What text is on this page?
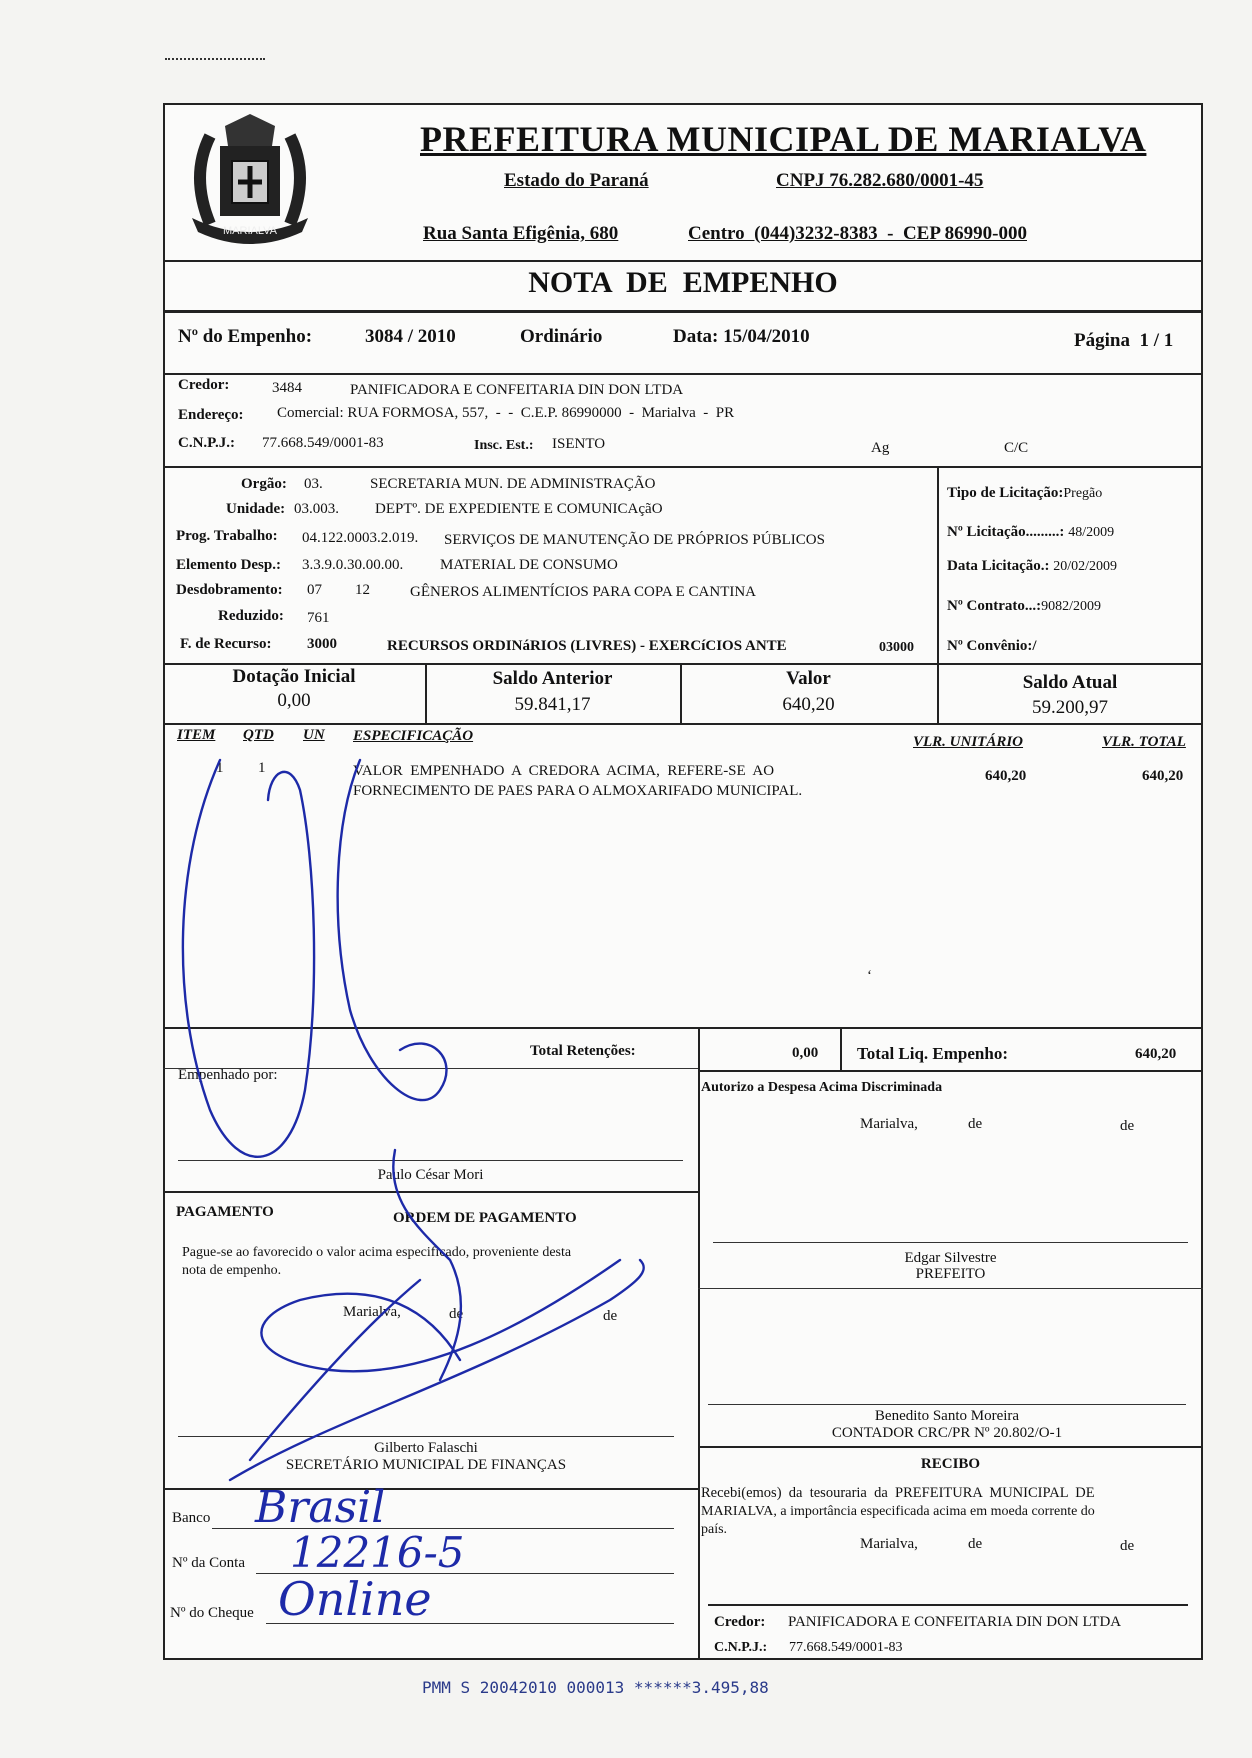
MARIALVA
PREFEITURA MUNICIPAL DE MARIALVA
Estado do Paraná	CNPJ 76.282.680/0001-45
Rua Santa Efigênia, 680	Centro  (044)3232-8383  -  CEP 86990-000
NOTA  DE  EMPENHO
Nº do Empenho:	3084 / 2010	Ordinário	Data: 15/04/2010	Página  1 / 1
Credor:	3484	PANIFICADORA E CONFEITARIA DIN DON LTDA
Endereço: Comercial: RUA FORMOSA, 557,  -  -  C.E.P. 86990000  -  Marialva  -  PR
C.N.P.J.: 77.668.549/0001-83	Insc. Est.: ISENTO	Ag	C/C
Orgão: 03.	SECRETARIA MUN. DE ADMINISTRAÇÃO
Unidade: 03.003. DEPTº. DE EXPEDIENTE E COMUNICAçãO
Prog. Trabalho: 04.122.0003.2.019. SERVIÇOS DE MANUTENÇÃO DE PRÓPRIOS PÚBLICOS
Elemento Desp.: 3.3.9.0.30.00.00. MATERIAL DE CONSUMO
Desdobramento: 07 12	GÊNEROS ALIMENTÍCIOS PARA COPA E CANTINA
Reduzido: 761
F. de Recurso: 3000	RECURSOS ORDINáRIOS (LIVRES) - EXERCíCIOS ANTE	03000
Tipo de Licitação:Pregão
Nº Licitação.........: 48/2009
Data Licitação.: 20/02/2009
Nº Contrato...:9082/2009
Nº Convênio:/
Dotação Inicial
0,00
Saldo Anterior
59.841,17
Valor
640,20
Saldo Atual
59.200,97
ITEM QTD UN ESPECIFICAÇÃO	VLR. UNITÁRIO	VLR. TOTAL
1 1	VALOR  EMPENHADO  A  CREDORA  ACIMA,  REFERE-SE  AO
FORNECIMENTO DE PAES PARA O ALMOXARIFADO MUNICIPAL.
640,20	640,20
ʻ
Total Retenções:	0,00 Total Liq. Empenho:	640,20
Empenhado por:
Paulo César Mori
Autorizo a Despesa Acima Discriminada
Marialva,	de	de
PAGAMENTO	ORDEM DE PAGAMENTO
Pague-se ao favorecido o valor acima especificado, proveniente desta
nota de empenho.
Marialva,	de	de
Edgar Silvestre
PREFEITO
Benedito Santo Moreira
CONTADOR CRC/PR Nº 20.802/O-1
Gilberto Falaschi
SECRETÁRIO MUNICIPAL DE FINANÇAS
Banco Brasil
Nº da Conta 12216-5
Nº do Cheque Online
RECIBO
Recebi(emos)  da  tesouraria  da  PREFEITURA  MUNICIPAL  DE
MARIALVA, a importância especificada acima em moeda corrente do
país.
Marialva,	de	de
Credor: PANIFICADORA E CONFEITARIA DIN DON LTDA
C.N.P.J.: 77.668.549/0001-83
PMM S 20042010 000013 ******3.495,88
